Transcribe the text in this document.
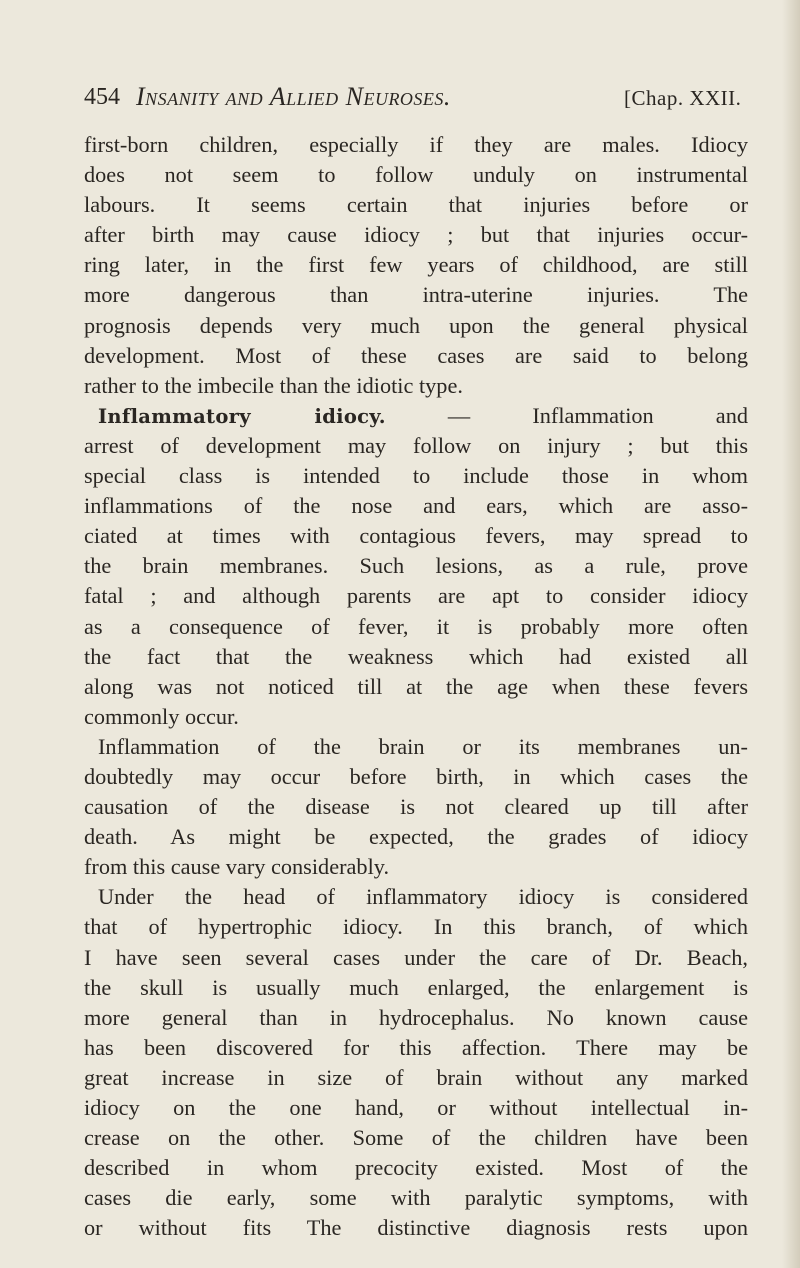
454 Insanity and Allied Neuroses.	[Chap. XXII.
first-born children, especially if they are males. Idiocy
does not seem to follow unduly on instrumental
labours. It seems certain that injuries before or
after birth may cause idiocy ; but that injuries occur-
ring later, in the first few years of childhood, are still
more dangerous than intra-uterine injuries. The
prognosis depends very much upon the general physical
development. Most of these cases are said to belong
rather to the imbecile than the idiotic type.
Inflammatory idiocy.	— Inflammation and
arrest of development may follow on injury ; but this
special class is intended to include those in whom
inflammations of the nose and ears, which are asso-
ciated at times with contagious fevers, may spread to
the brain membranes. Such lesions, as a rule, prove
fatal ; and although parents are apt to consider idiocy
as a consequence of fever, it is probably more often
the fact that the weakness which had existed all
along was not noticed till at the age when these fevers
commonly occur.
Inflammation of the brain or its membranes un-
doubtedly may occur before birth, in which cases the
causation of the disease is not cleared up till after
death. As might be expected, the grades of idiocy
from this cause vary considerably.
Under the head of inflammatory idiocy is considered
that of hypertrophic idiocy. In this branch, of which
I have seen several cases under the care of Dr. Beach,
the skull is usually much enlarged, the enlargement is
more general than in hydrocephalus. No known cause
has been discovered for this affection. There may be
great increase in size of brain without any marked
idiocy on the one hand, or without intellectual in-
crease on the other. Some of the children have been
described in whom precocity existed. Most of the
cases die early, some with paralytic symptoms, with
or without fits The distinctive diagnosis rests upon
